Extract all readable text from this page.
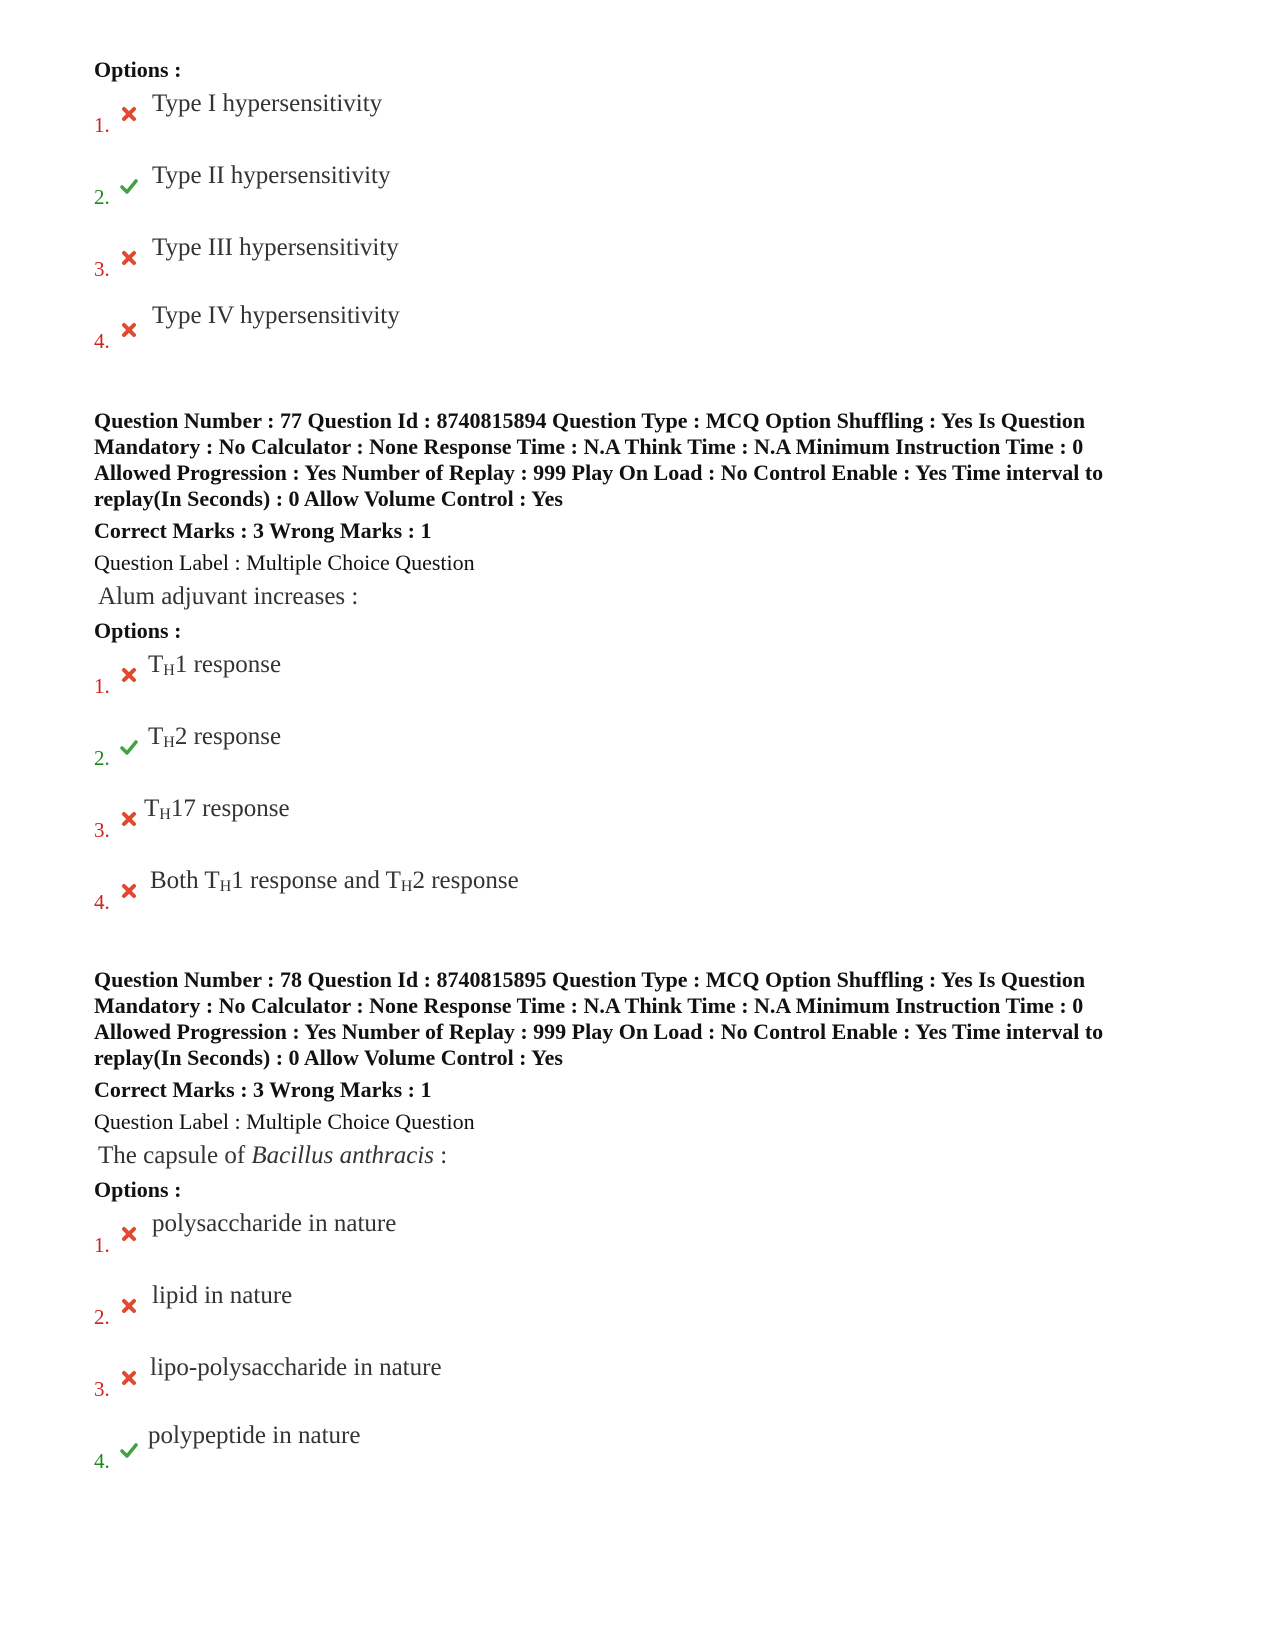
Options :

1.
Type I hypersensitivity
2.
Type II hypersensitivity
3.
Type III hypersensitivity
4.
Type IV hypersensitivity

Question Number : 77 Question Id : 8740815894 Question Type : MCQ Option Shuffling : Yes Is Question

Mandatory : No Calculator : None Response Time : N.A Think Time : N.A Minimum Instruction Time : 0

Allowed Progression : Yes Number of Replay : 999 Play On Load : No Control Enable : Yes Time interval to

replay(In Seconds) : 0 Allow Volume Control : Yes

Correct Marks : 3 Wrong Marks : 1

Question Label : Multiple Choice Question

Alum adjuvant increases :

Options :

1.
$T_H1$ response
2.
$T_H2$ response
3.
$T_H17$ response
4.
Both $T_H1$ response and $T_H2$ response

Question Number : 78 Question Id : 8740815895 Question Type : MCQ Option Shuffling : Yes Is Question

Mandatory : No Calculator : None Response Time : N.A Think Time : N.A Minimum Instruction Time : 0

Allowed Progression : Yes Number of Replay : 999 Play On Load : No Control Enable : Yes Time interval to

replay(In Seconds) : 0 Allow Volume Control : Yes

Correct Marks : 3 Wrong Marks : 1

Question Label : Multiple Choice Question

The capsule of Bacillus anthracis :

Options :

1.
polysaccharide in nature
2.
lipid in nature
3.
lipo-polysaccharide in nature
4.
polypeptide in nature
